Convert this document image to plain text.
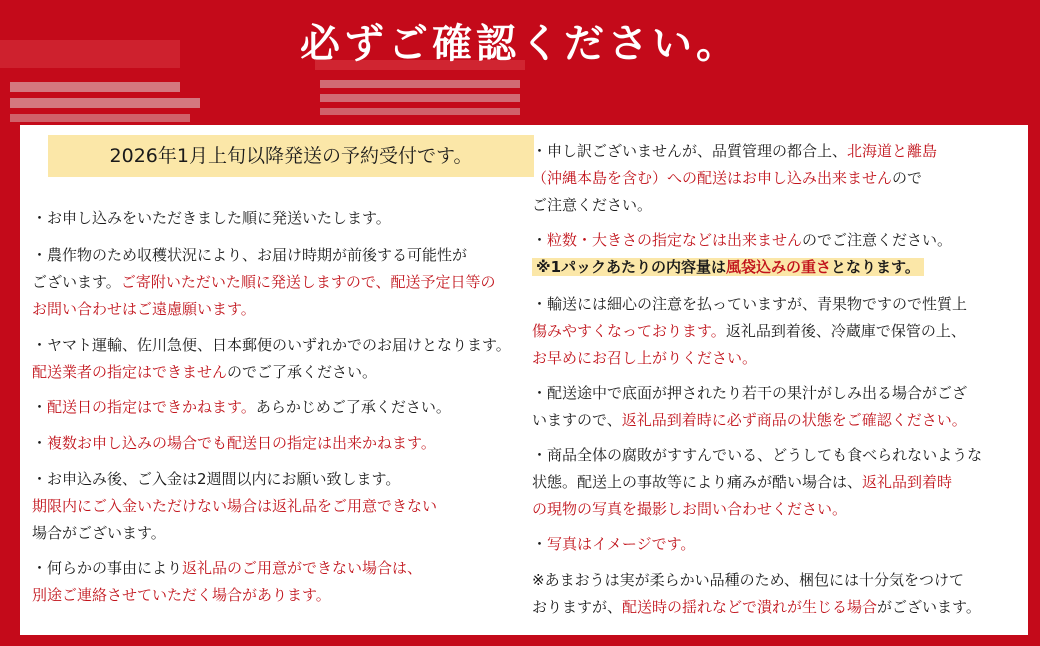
必ずご確認ください。
2026年1月上旬以降発送の予約受付です。

・お申し込みをいただきました順に発送いたします。

・農作物のため収穫状況により、お届け時期が前後する可能性が

ございます。ご寄附いただいた順に発送しますので、配送予定日等の

お問い合わせはご遠慮願います。

・ヤマト運輸、佐川急便、日本郵便のいずれかでのお届けとなります。

配送業者の指定はできませんのでご了承ください。

・配送日の指定はできかねます。あらかじめご了承ください。

・複数お申し込みの場合でも配送日の指定は出来かねます。

・お申込み後、ご入金は2週間以内にお願い致します。

期限内にご入金いただけない場合は返礼品をご用意できない

場合がございます。

・何らかの事由により返礼品のご用意ができない場合は、

別途ご連絡させていただく場合があります。

・申し訳ございませんが、品質管理の都合上、北海道と離島

（沖縄本島を含む）への配送はお申し込み出来ませんので

ご注意ください。

・粒数・大きさの指定などは出来ませんのでご注意ください。

※1パックあたりの内容量は風袋込みの重さとなります。

・輸送には細心の注意を払っていますが、青果物ですので性質上

傷みやすくなっております。返礼品到着後、冷蔵庫で保管の上、

お早めにお召し上がりください。

・配送途中で底面が押されたり若干の果汁がしみ出る場合がござ

いますので、返礼品到着時に必ず商品の状態をご確認ください。

・商品全体の腐敗がすすんでいる、どうしても食べられないような

状態。配送上の事故等により痛みが酷い場合は、返礼品到着時

の現物の写真を撮影しお問い合わせください。

・写真はイメージです。

※あまおうは実が柔らかい品種のため、梱包には十分気をつけて

おりますが、配送時の揺れなどで潰れが生じる場合がございます。
